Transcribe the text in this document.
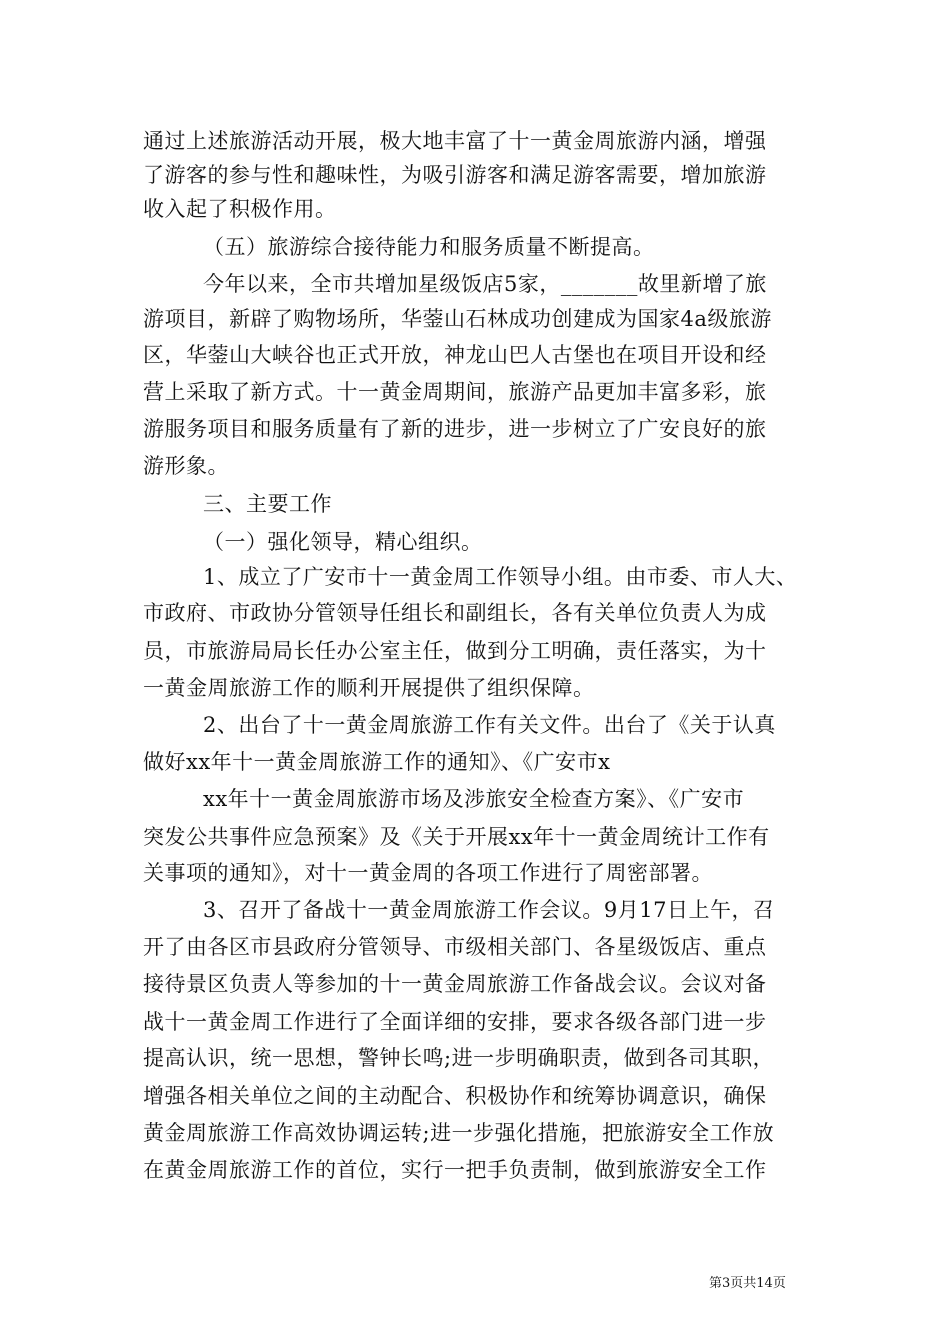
通过上述旅游活动开展，极大地丰富了十一黄金周旅游内涵，增强
了游客的参与性和趣味性，为吸引游客和满足游客需要，增加旅游
收入起了积极作用。
（五）旅游综合接待能力和服务质量不断提高。
今年以来，全市共增加星级饭店5家，_______故里新增了旅
游项目，新辟了购物场所，华蓥山石林成功创建成为国家4a级旅游
区，华蓥山大峡谷也正式开放，神龙山巴人古堡也在项目开设和经
营上采取了新方式。十一黄金周期间，旅游产品更加丰富多彩，旅
游服务项目和服务质量有了新的进步，进一步树立了广安良好的旅
游形象。
三、主要工作
（一）强化领导，精心组织。
1、成立了广安市十一黄金周工作领导小组。由市委、市人大、
市政府、市政协分管领导任组长和副组长，各有关单位负责人为成
员，市旅游局局长任办公室主任，做到分工明确，责任落实，为十
一黄金周旅游工作的顺利开展提供了组织保障。
2、出台了十一黄金周旅游工作有关文件。出台了《关于认真
做好xx年十一黄金周旅游工作的通知》、《广安市x
xx年十一黄金周旅游市场及涉旅安全检查方案》、《广安市
突发公共事件应急预案》及《关于开展xx年十一黄金周统计工作有
关事项的通知》，对十一黄金周的各项工作进行了周密部署。
3、召开了备战十一黄金周旅游工作会议。9月17日上午，召
开了由各区市县政府分管领导、市级相关部门、各星级饭店、重点
接待景区负责人等参加的十一黄金周旅游工作备战会议。会议对备
战十一黄金周工作进行了全面详细的安排，要求各级各部门进一步
提高认识，统一思想，警钟长鸣;进一步明确职责，做到各司其职，
增强各相关单位之间的主动配合、积极协作和统筹协调意识，确保
黄金周旅游工作高效协调运转;进一步强化措施，把旅游安全工作放
在黄金周旅游工作的首位，实行一把手负责制，做到旅游安全工作
第3页共14页
